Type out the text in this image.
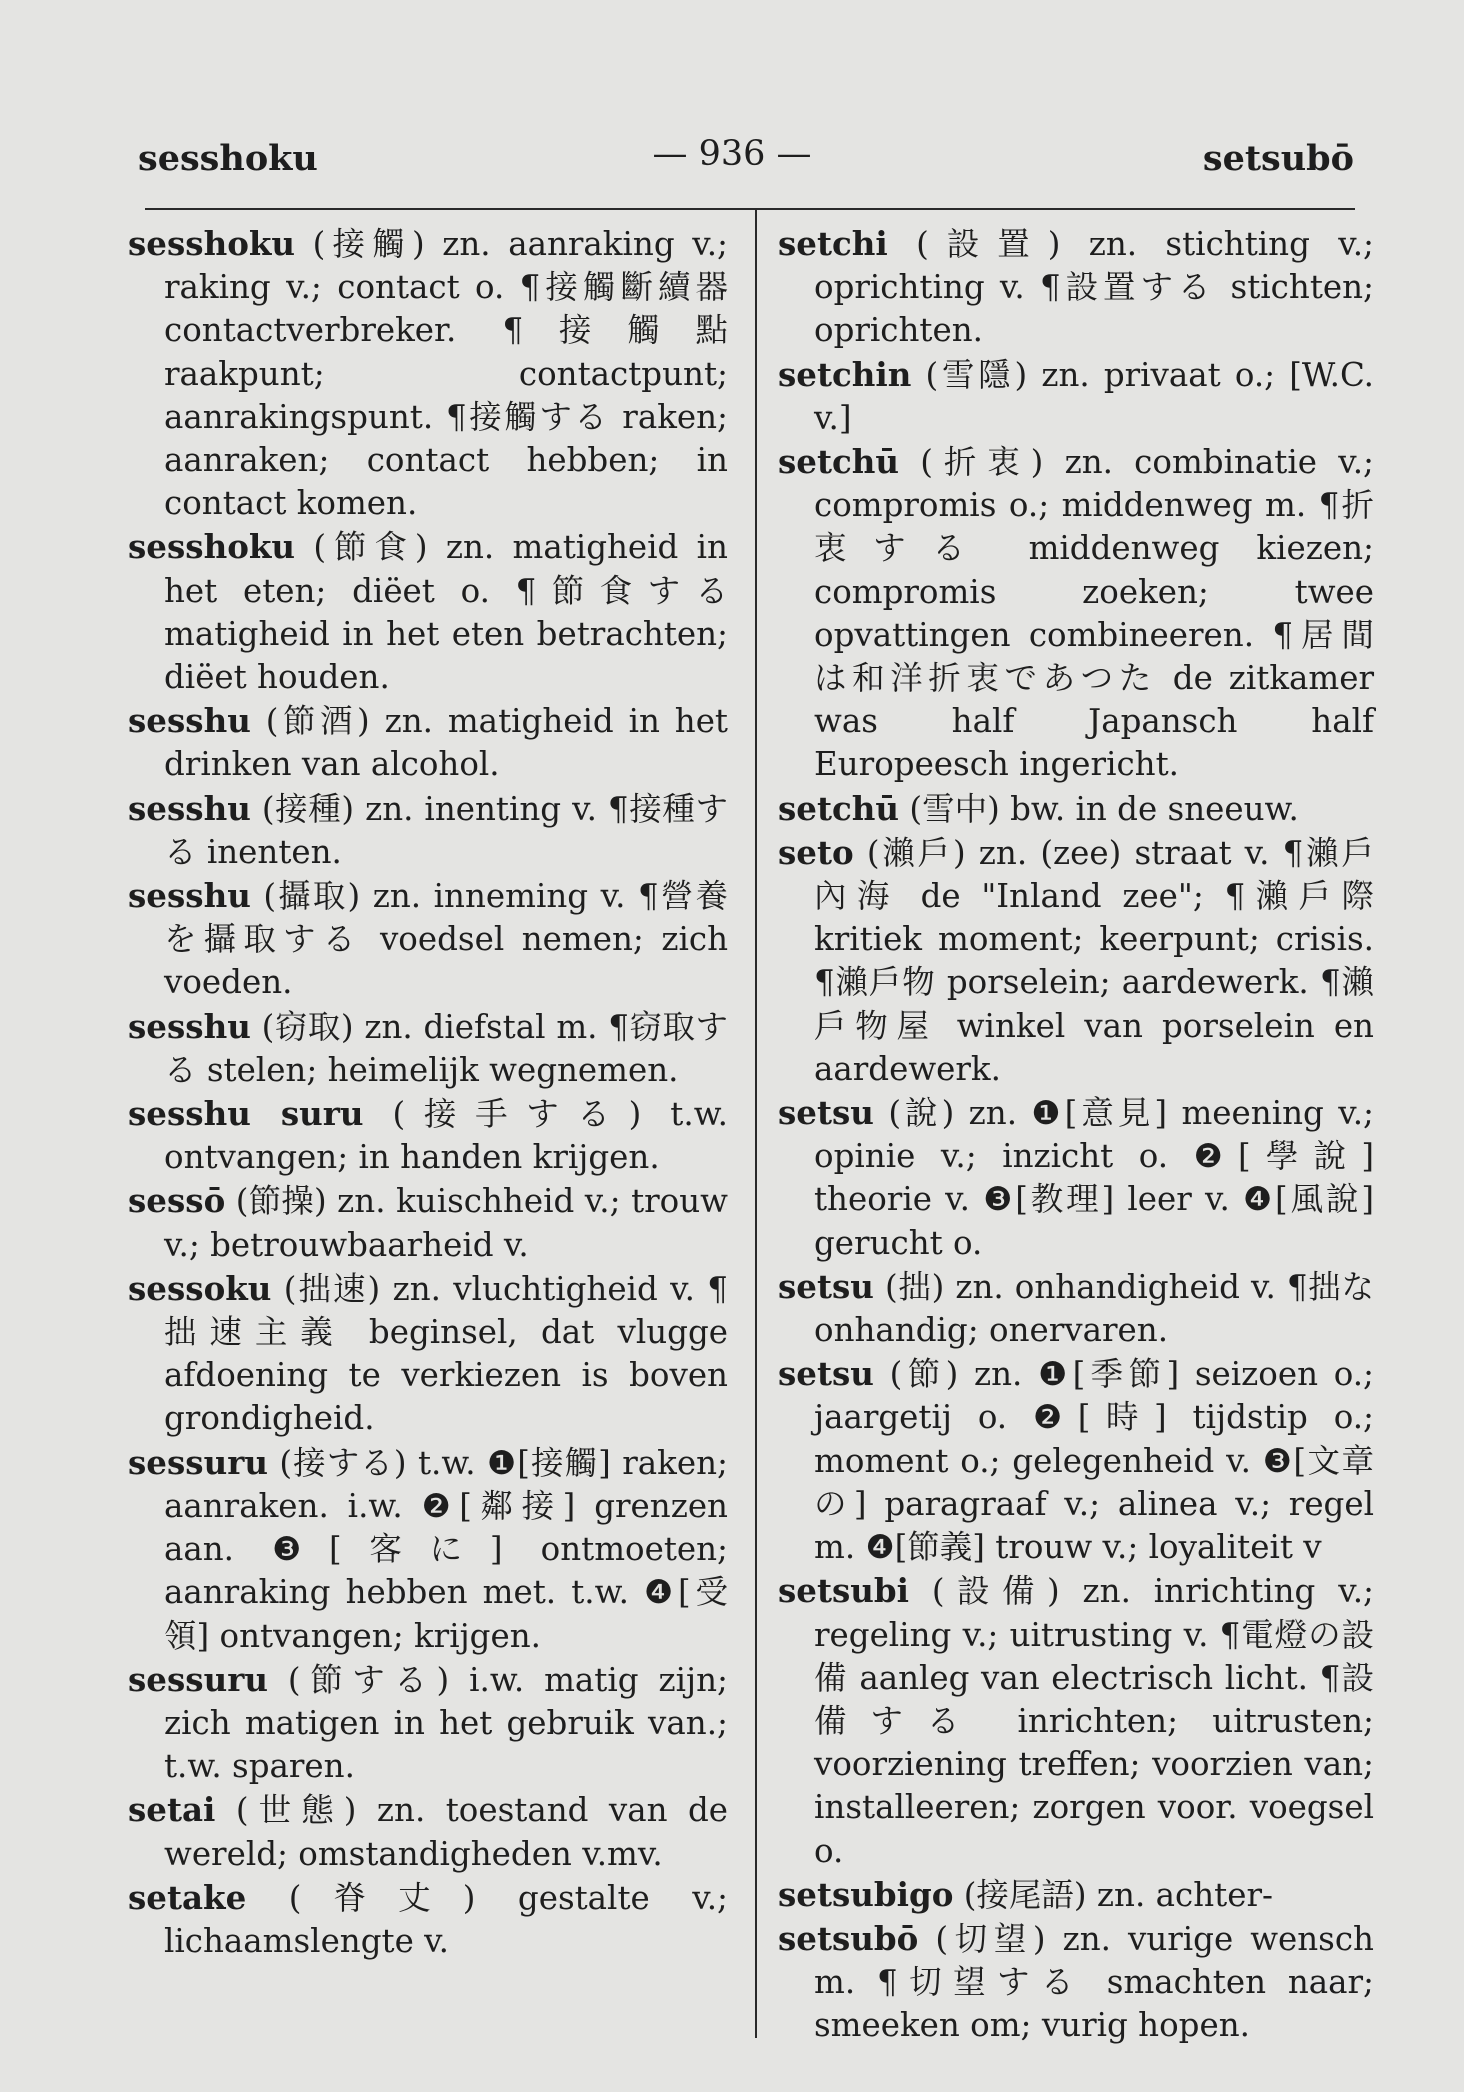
sesshoku	— 936 —	setsubō

sesshoku (接觸) zn. aanraking v.; raking v.; contact o. ¶接觸斷續器 contactverbreker. ¶接觸點 raakpunt; contactpunt; aanrakingspunt. ¶接觸する raken; aanraken; contact hebben; in contact komen.

sesshoku (節食) zn. matigheid in het eten; diëet o. ¶節食する matigheid in het eten betrachten; diëet houden.

sesshu (節酒) zn. matigheid in het drinken van alcohol.

sesshu (接種) zn. inenting v. ¶接種する inenten.

sesshu (攝取) zn. inneming v. ¶營養を攝取する voedsel nemen; zich voeden.

sesshu (窃取) zn. diefstal m. ¶窃取する stelen; heimelijk wegnemen.

sesshu suru (接手する) t.w. ontvangen; in handen krijgen.

sessō (節操) zn. kuischheid v.; trouw v.; betrouwbaarheid v.

sessoku (拙速) zn. vluchtigheid v. ¶拙速主義 beginsel, dat vlugge afdoening te verkiezen is boven grondigheid.

sessuru (接する) t.w. ❶[接觸] raken; aanraken. i.w. ❷[鄰接] grenzen aan. ❸[客に] ontmoeten; aanraking hebben met. t.w. ❹[受領] ontvangen; krijgen.

sessuru (節する) i.w. matig zijn; zich matigen in het gebruik van.; t.w. sparen.

setai (世態) zn. toestand van de wereld; omstandigheden v.mv.

setake (脊丈) gestalte v.; lichaamslengte v.

setchi (設置) zn. stichting v.; oprichting v. ¶設置する stichten; oprichten.

setchin (雪隱) zn. privaat o.; [W.C. v.]

setchū (折衷) zn. combinatie v.; compromis o.; middenweg m. ¶折衷する middenweg kiezen; compromis zoeken; twee opvattingen combineeren. ¶居間は和洋折衷であつた de zitkamer was half Japansch half Europeesch ingericht.

setchū (雪中) bw. in de sneeuw.

seto (瀨戶) zn. (zee) straat v. ¶瀨戶內海 de "Inland zee"; ¶瀨戶際 kritiek moment; keerpunt; crisis. ¶瀨戶物 porselein; aardewerk. ¶瀨戶物屋 winkel van porselein en aardewerk.

setsu (說) zn. ❶[意見] meening v.; opinie v.; inzicht o. ❷[學說] theorie v. ❸[教理] leer v. ❹[風說] gerucht o.

setsu (拙) zn. onhandigheid v. ¶拙な onhandig; onervaren.

setsu (節) zn. ❶[季節] seizoen o.; jaargetij o. ❷[時] tijdstip o.; moment o.; gelegenheid v. ❸[文章の] paragraaf v.; alinea v.; regel m. ❹[節義] trouw v.; loyaliteit v

setsubi (設備) zn. inrichting v.; regeling v.; uitrusting v. ¶電燈の設備 aanleg van electrisch licht. ¶設備する inrichten; uitrusten; voorziening treffen; voorzien van; installeeren; zorgen voor. voegsel o.

setsubigo (接尾語) zn. achter-

setsubō (切望) zn. vurige wensch m. ¶切望する smachten naar; smeeken om; vurig hopen.
